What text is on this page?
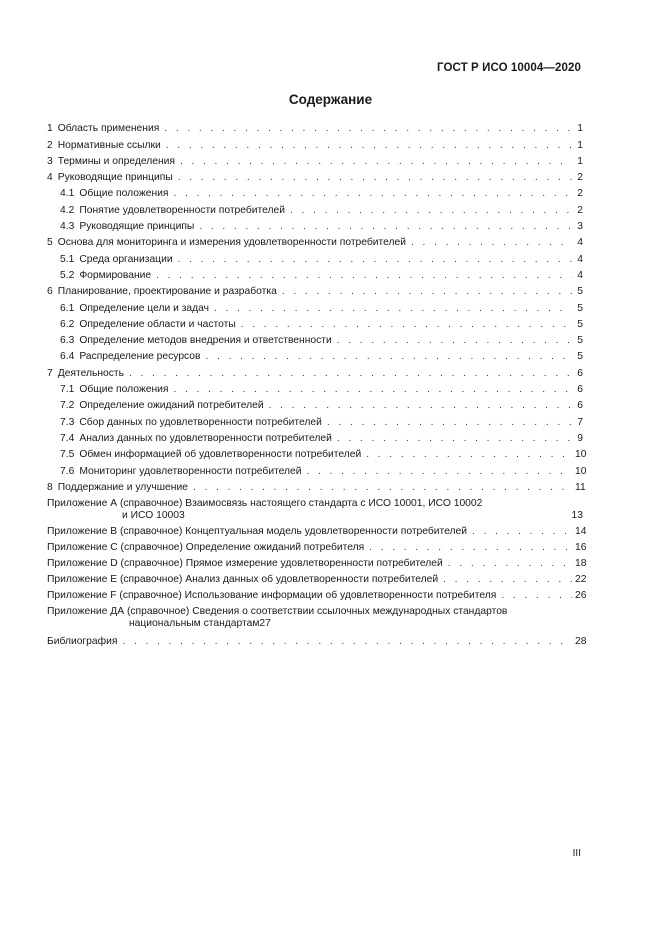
ГОСТ Р ИСО 10004—2020
Содержание
1 Область применения . . .	1
2 Нормативные ссылки . . .	1
3 Термины и определения . . .	1
4 Руководящие принципы . . .	2
4.1 Общие положения . . .	2
4.2 Понятие удовлетворенности потребителей . . .	2
4.3 Руководящие принципы . . .	3
5 Основа для мониторинга и измерения удовлетворенности потребителей . . .	4
5.1 Среда организации . . .	4
5.2 Формирование . . .	4
6 Планирование, проектирование и разработка . . .	5
6.1 Определение цели и задач . . .	5
6.2 Определение области и частоты . . .	5
6.3 Определение методов внедрения и ответственности . . .	5
6.4 Распределение ресурсов . . .	5
7 Деятельность . . .	6
7.1 Общие положения . . .	6
7.2 Определение ожиданий потребителей . . .	6
7.3 Сбор данных по удовлетворенности потребителей . . .	7
7.4 Анализ данных по удовлетворенности потребителей . . .	9
7.5 Обмен информацией об удовлетворенности потребителей . . .	10
7.6 Мониторинг удовлетворенности потребителей . . .	10
8 Поддержание и улучшение . . .	11
Приложение А (справочное) Взаимосвязь настоящего стандарта с ИСО 10001, ИСО 10002
и ИСО 10003	13
Приложение В (справочное) Концептуальная модель удовлетворенности потребителей . . .	14
Приложение С (справочное) Определение ожиданий потребителя . . .	16
Приложение D (справочное) Прямое измерение удовлетворенности потребителей . . .	18
Приложение Е (справочное) Анализ данных об удовлетворенности потребителей . . .	22
Приложение F (справочное) Использование информации об удовлетворенности потребителя . . .	26
Приложение ДА (справочное) Сведения о соответствии ссылочных международных стандартов
национальным стандартам 27
Библиография . . .	28
III
